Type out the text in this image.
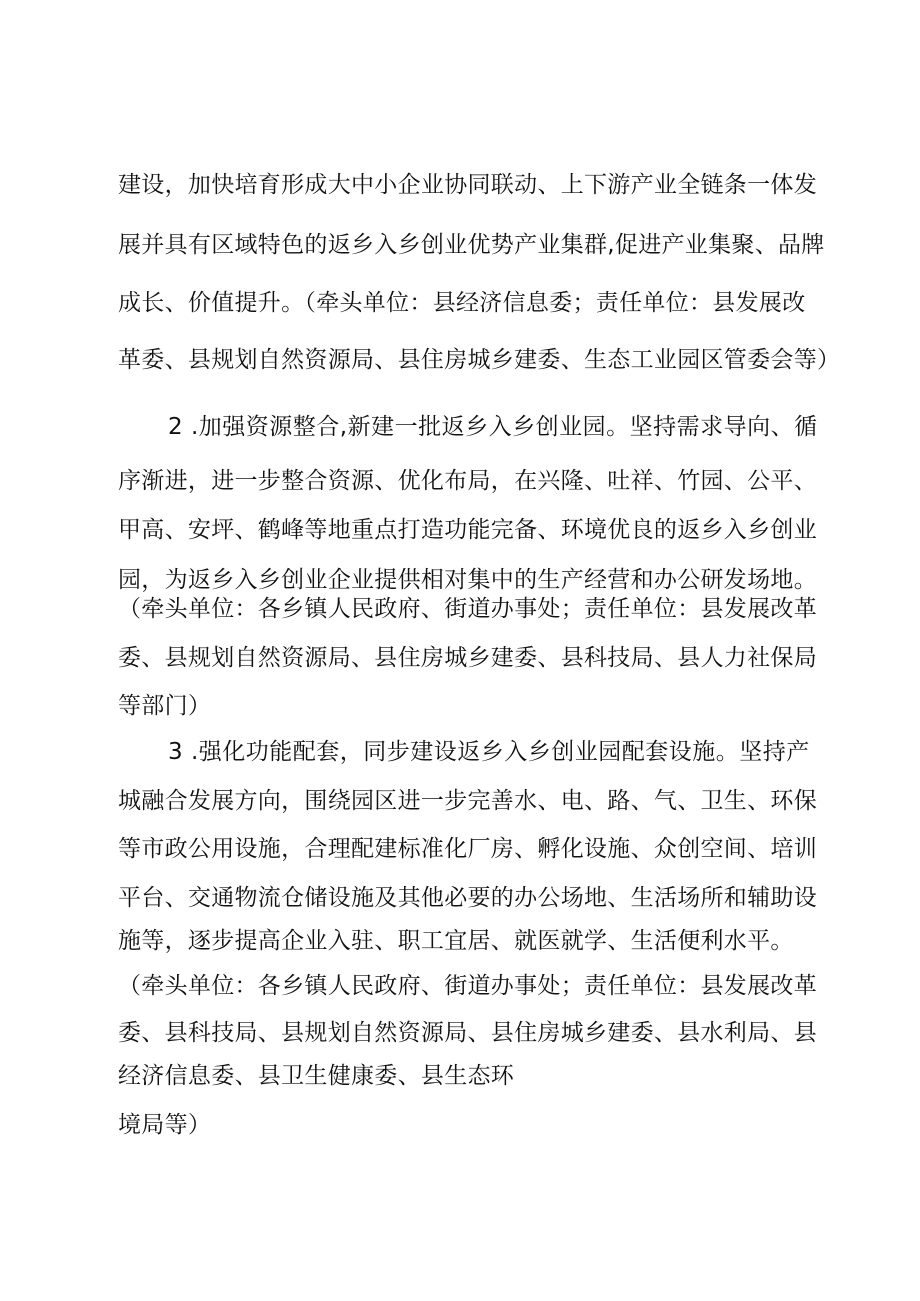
建设，加快培育形成大中小企业协同联动、上下游产业全链条一体发
展并具有区域特色的返乡入乡创业优势产业集群,促进产业集聚、品牌
成长、价值提升。（牵头单位：县经济信息委；责任单位：县发展改
革委、县规划自然资源局、县住房城乡建委、生态工业园区管委会等）
2 .加强资源整合,新建一批返乡入乡创业园。坚持需求导向、循
序渐进，进一步整合资源、优化布局，在兴隆、吐祥、竹园、公平、
甲高、安坪、鹤峰等地重点打造功能完备、环境优良的返乡入乡创业
园，为返乡入乡创业企业提供相对集中的生产经营和办公研发场地。
（牵头单位：各乡镇人民政府、街道办事处；责任单位：县发展改革
委、县规划自然资源局、县住房城乡建委、县科技局、县人力社保局
等部门）
3 .强化功能配套，同步建设返乡入乡创业园配套设施。坚持产
城融合发展方向，围绕园区进一步完善水、电、路、气、卫生、环保
等市政公用设施，合理配建标准化厂房、孵化设施、众创空间、培训
平台、交通物流仓储设施及其他必要的办公场地、生活场所和辅助设
施等，逐步提高企业入驻、职工宜居、就医就学、生活便利水平。
（牵头单位：各乡镇人民政府、街道办事处；责任单位：县发展改革
委、县科技局、县规划自然资源局、县住房城乡建委、县水利局、县
经济信息委、县卫生健康委、县生态环
境局等）
